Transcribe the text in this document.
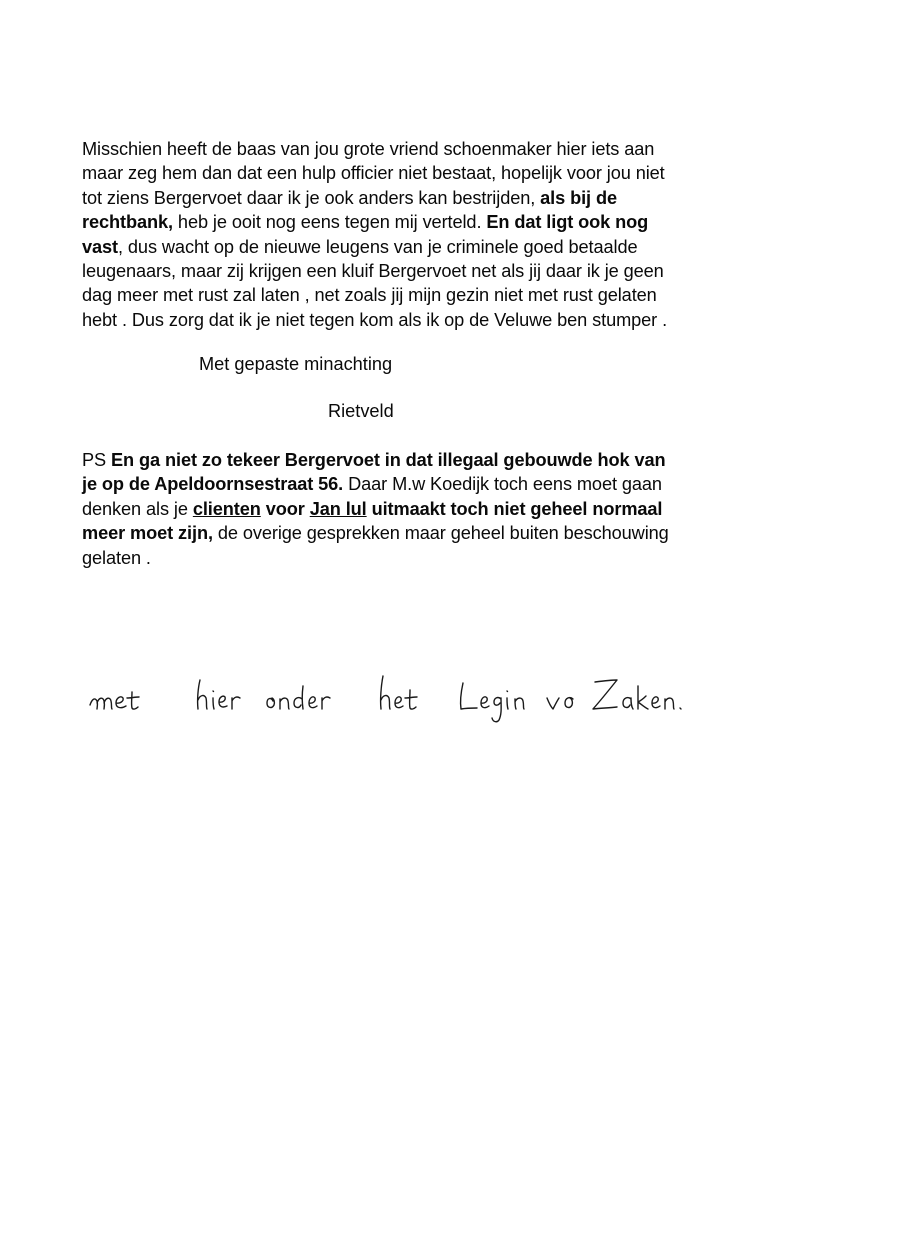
Misschien heeft de baas van jou grote vriend schoenmaker hier iets aan
maar zeg hem dan dat een hulp officier niet bestaat, hopelijk voor jou niet
tot ziens Bergervoet daar ik je ook anders kan bestrijden, als bij de
rechtbank, heb je ooit nog eens tegen mij verteld. En dat ligt ook nog
vast, dus wacht op de nieuwe leugens van je criminele goed betaalde
leugenaars, maar zij krijgen een kluif Bergervoet net als jij daar ik je geen
dag meer met rust zal laten , net zoals jij mijn gezin niet met rust gelaten
hebt . Dus zorg dat ik je niet tegen kom als ik op de Veluwe ben stumper .
Met gepaste minachting
Rietveld
PS En ga niet zo tekeer Bergervoet in dat illegaal gebouwde hok van
je op de Apeldoornsestraat 56. Daar M.w Koedijk toch eens moet gaan
denken als je clienten voor Jan lul uitmaakt toch niet geheel normaal
meer moet zijn, de overige gesprekken maar geheel buiten beschouwing
gelaten .
